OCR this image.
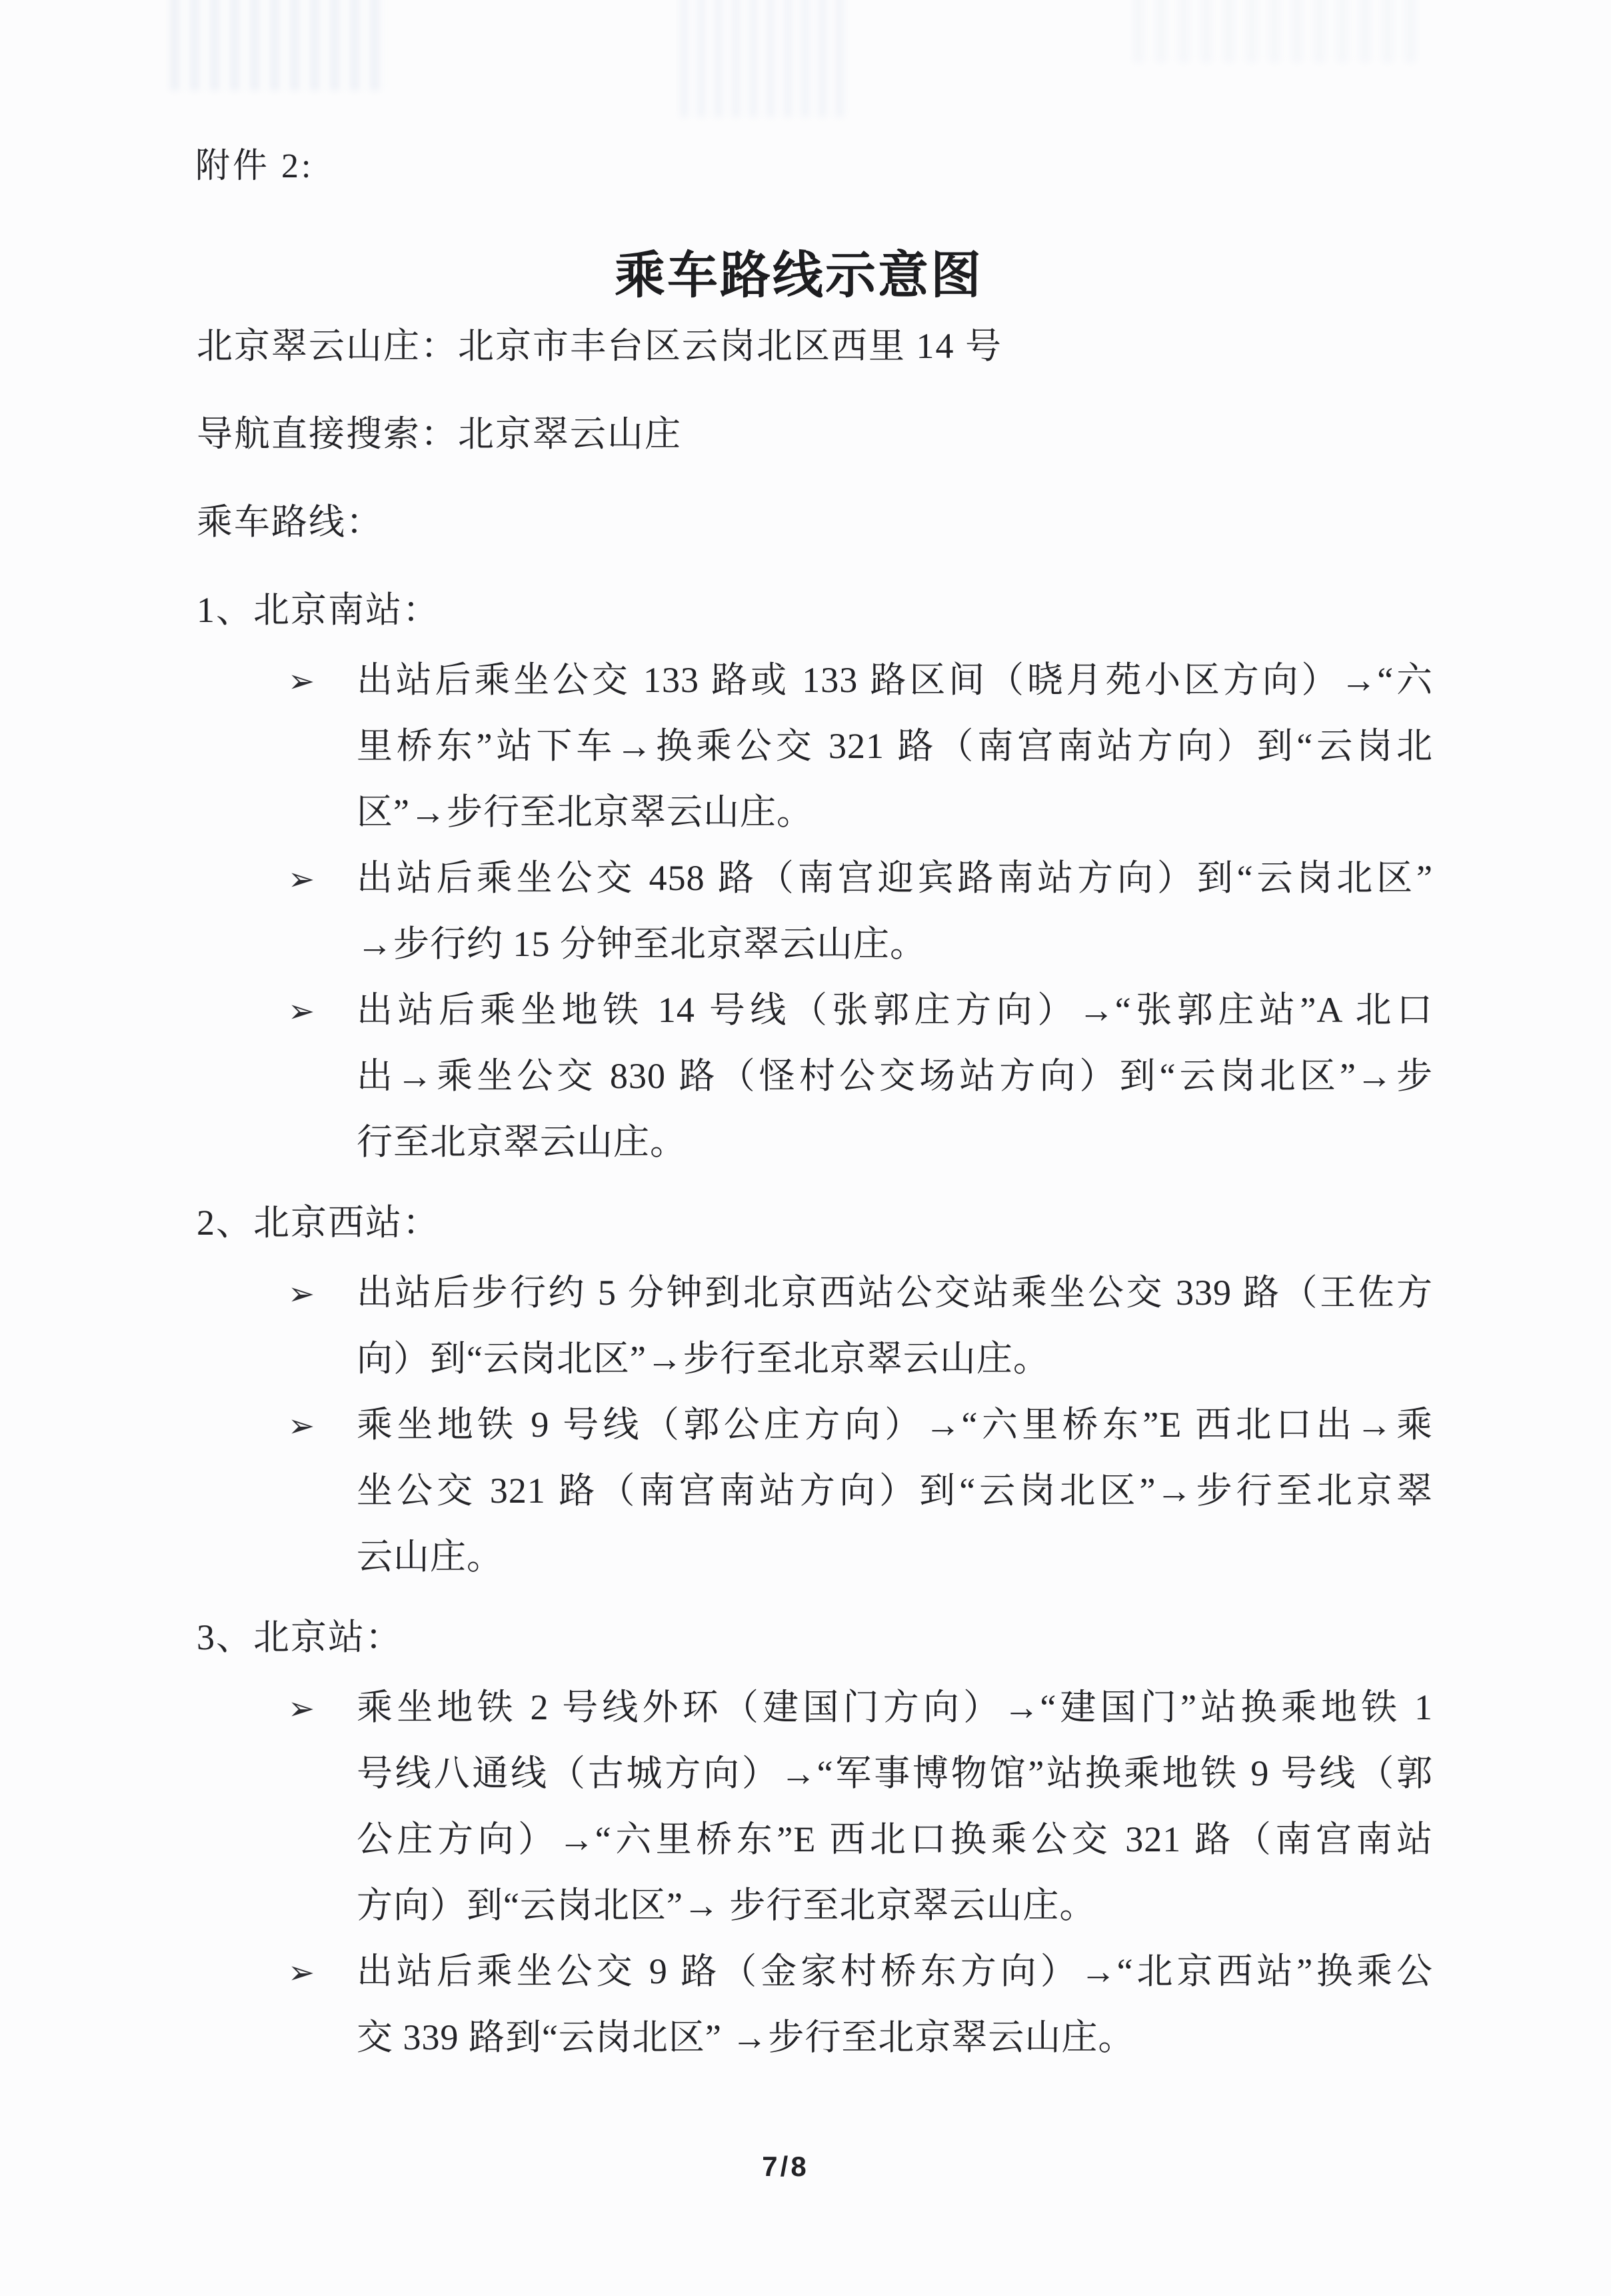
附件 2:
乘车路线示意图
北京翠云山庄：北京市丰台区云岗北区西里 14 号
导航直接搜索：北京翠云山庄
乘车路线：
1、北京南站：
➢	出站后乘坐公交 133 路或 133 路区间（晓月苑小区方向）→“六
里桥东”站下车→换乘公交 321 路（南宫南站方向）到“云岗北
区”→步行至北京翠云山庄。
➢	出站后乘坐公交 458 路（南宫迎宾路南站方向）到“云岗北区”
→步行约 15 分钟至北京翠云山庄。
➢	出站后乘坐地铁 14 号线（张郭庄方向）→“张郭庄站”A 北口
出→乘坐公交 830 路（怪村公交场站方向）到“云岗北区”→步
行至北京翠云山庄。
2、北京西站：
➢	出站后步行约 5 分钟到北京西站公交站乘坐公交 339 路（王佐方
向）到“云岗北区”→步行至北京翠云山庄。
➢	乘坐地铁 9 号线（郭公庄方向）→“六里桥东”E 西北口出→乘
坐公交 321 路（南宫南站方向）到“云岗北区”→步行至北京翠
云山庄。
3、北京站：
➢	乘坐地铁 2 号线外环（建国门方向）→“建国门”站换乘地铁 1
号线八通线（古城方向）→“军事博物馆”站换乘地铁 9 号线（郭
公庄方向）→“六里桥东”E 西北口换乘公交 321 路（南宫南站
方向）到“云岗北区”→ 步行至北京翠云山庄。
➢	出站后乘坐公交 9 路（金家村桥东方向）→“北京西站”换乘公
交 339 路到“云岗北区” →步行至北京翠云山庄。
7/8
